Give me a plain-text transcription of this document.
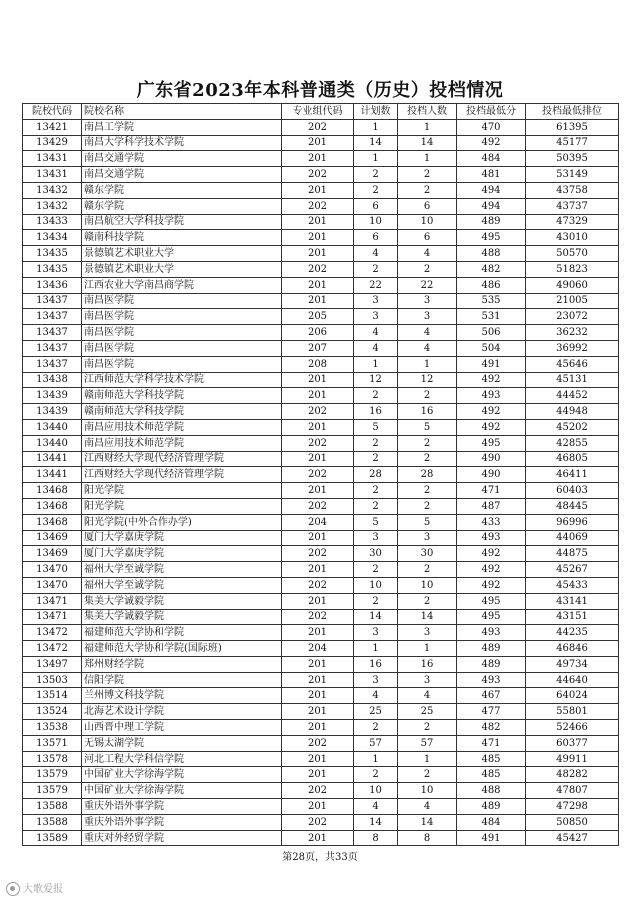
广东省2023年本科普通类（历史）投档情况
院校代码	院校名称	专业组代码	计划数	投档人数	投档最低分	投档最低排位
13421	南昌工学院	202	1	1	470	61395
13429	南昌大学科学技术学院	201	14	14	492	45177
13431	南昌交通学院	201	1	1	484	50395
13431	南昌交通学院	202	2	2	481	53149
13432	赣东学院	201	2	2	494	43758
13432	赣东学院	202	6	6	494	43737
13433	南昌航空大学科技学院	201	10	10	489	47329
13434	赣南科技学院	201	6	6	495	43010
13435	景德镇艺术职业大学	201	4	4	488	50570
13435	景德镇艺术职业大学	202	2	2	482	51823
13436	江西农业大学南昌商学院	201	22	22	486	49060
13437	南昌医学院	201	3	3	535	21005
13437	南昌医学院	205	3	3	531	23072
13437	南昌医学院	206	4	4	506	36232
13437	南昌医学院	207	4	4	504	36992
13437	南昌医学院	208	1	1	491	45646
13438	江西师范大学科学技术学院	201	12	12	492	45131
13439	赣南师范大学科技学院	201	2	2	493	44452
13439	赣南师范大学科技学院	202	16	16	492	44948
13440	南昌应用技术师范学院	201	5	5	492	45202
13440	南昌应用技术师范学院	202	2	2	495	42855
13441	江西财经大学现代经济管理学院	201	2	2	490	46805
13441	江西财经大学现代经济管理学院	202	28	28	490	46411
13468	阳光学院	201	2	2	471	60403
13468	阳光学院	202	2	2	487	48445
13468	阳光学院(中外合作办学)	204	5	5	433	96996
13469	厦门大学嘉庚学院	201	3	3	493	44069
13469	厦门大学嘉庚学院	202	30	30	492	44875
13470	福州大学至诚学院	201	2	2	492	45267
13470	福州大学至诚学院	202	10	10	492	45433
13471	集美大学诚毅学院	201	2	2	495	43141
13471	集美大学诚毅学院	202	14	14	495	43151
13472	福建师范大学协和学院	201	3	3	493	44235
13472	福建师范大学协和学院(国际班)	204	1	1	489	46846
13497	郑州财经学院	201	16	16	489	49734
13503	信阳学院	201	3	3	493	44640
13514	兰州博文科技学院	201	4	4	467	64024
13524	北海艺术设计学院	201	25	25	477	55801
13538	山西晋中理工学院	201	2	2	482	52466
13571	无锡太湖学院	202	57	57	471	60377
13578	河北工程大学科信学院	201	1	1	485	49911
13579	中国矿业大学徐海学院	201	2	2	485	48282
13579	中国矿业大学徐海学院	202	10	10	488	47807
13588	重庆外语外事学院	201	4	4	489	47298
13588	重庆外语外事学院	202	14	14	484	50850
13589	重庆对外经贸学院	201	8	8	491	45427
第28页，共33页
大歌爱报
